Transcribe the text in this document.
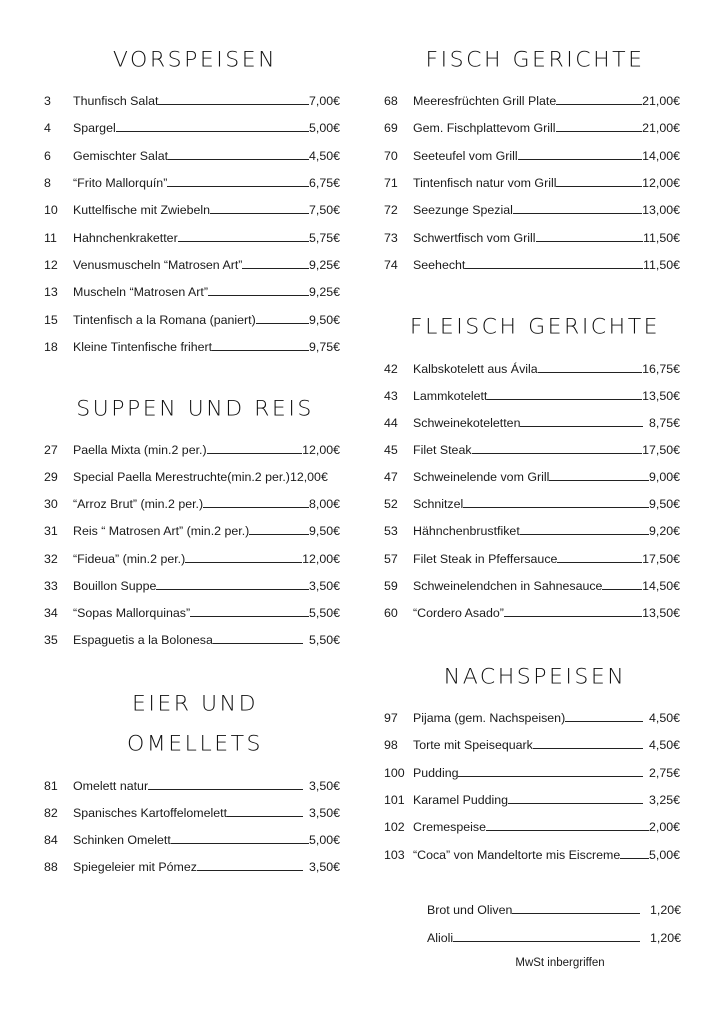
VORSPEISEN
3	Thunfisch Salat	7,00€
4	Spargel	5,00€
6	Gemischter Salat	4,50€
8	“Frito Mallorquín”	6,75€
10	Kuttelfische mit Zwiebeln	7,50€
11	Hahnchenkraketter	5,75€
12	Venusmuscheln “Matrosen Art”	9,25€
13	Muscheln “Matrosen Art”	9,25€
15	Tintenfisch a la Romana (paniert)	9,50€
18	Kleine Tintenfische frihert	9,75€
SUPPEN UND REIS
27	Paella Mixta (min.2 per.)	12,00€
29	Special Paella Merestruchte(min.2 per.) 12,00€
30	“Arroz Brut” (min.2 per.)	8,00€
31	Reis “ Matrosen Art” (min.2 per.)	9,50€
32	“Fideua” (min.2 per.)	12,00€
33	Bouillon Suppe	3,50€
34	“Sopas Mallorquinas”	5,50€
35	Espaguetis a la Bolonesa	5,50€
EIER UND
OMELLETS
81	Omelett natur	3,50€
82	Spanisches Kartoffelomelett	3,50€
84	Schinken Omelett	5,00€
88	Spiegeleier mit Pómez	3,50€
FISCH GERICHTE
68	Meeresfrüchten Grill Plate	21,00€
69	Gem. Fischplattevom Grill	21,00€
70	Seeteufel vom Grill	14,00€
71	Tintenfisch natur vom Grill	12,00€
72	Seezunge Spezial	13,00€
73	Schwertfisch vom Grill	11,50€
74	Seehecht	11,50€
FLEISCH GERICHTE
42	Kalbskotelett aus Ávila	16,75€
43	Lammkotelett	13,50€
44	Schweinekoteletten	8,75€
45	Filet Steak	17,50€
47	Schweinelende vom Grill	9,00€
52	Schnitzel	9,50€
53	Hähnchenbrustfiket	9,20€
57	Filet Steak in Pfeffersauce	17,50€
59	Schweinelendchen in Sahnesauce	14,50€
60	“Cordero Asado”	13,50€
NACHSPEISEN
97	Pijama (gem. Nachspeisen)	4,50€
98	Torte mit Speisequark	4,50€
100 Pudding	2,75€
101 Karamel Pudding	3,25€
102 Cremespeise	2,00€
103 “Coca” von Mandeltorte mis Eiscreme 5,00€
Brot und Oliven	1,20€
Alioli	1,20€
MwSt inbergriffen
